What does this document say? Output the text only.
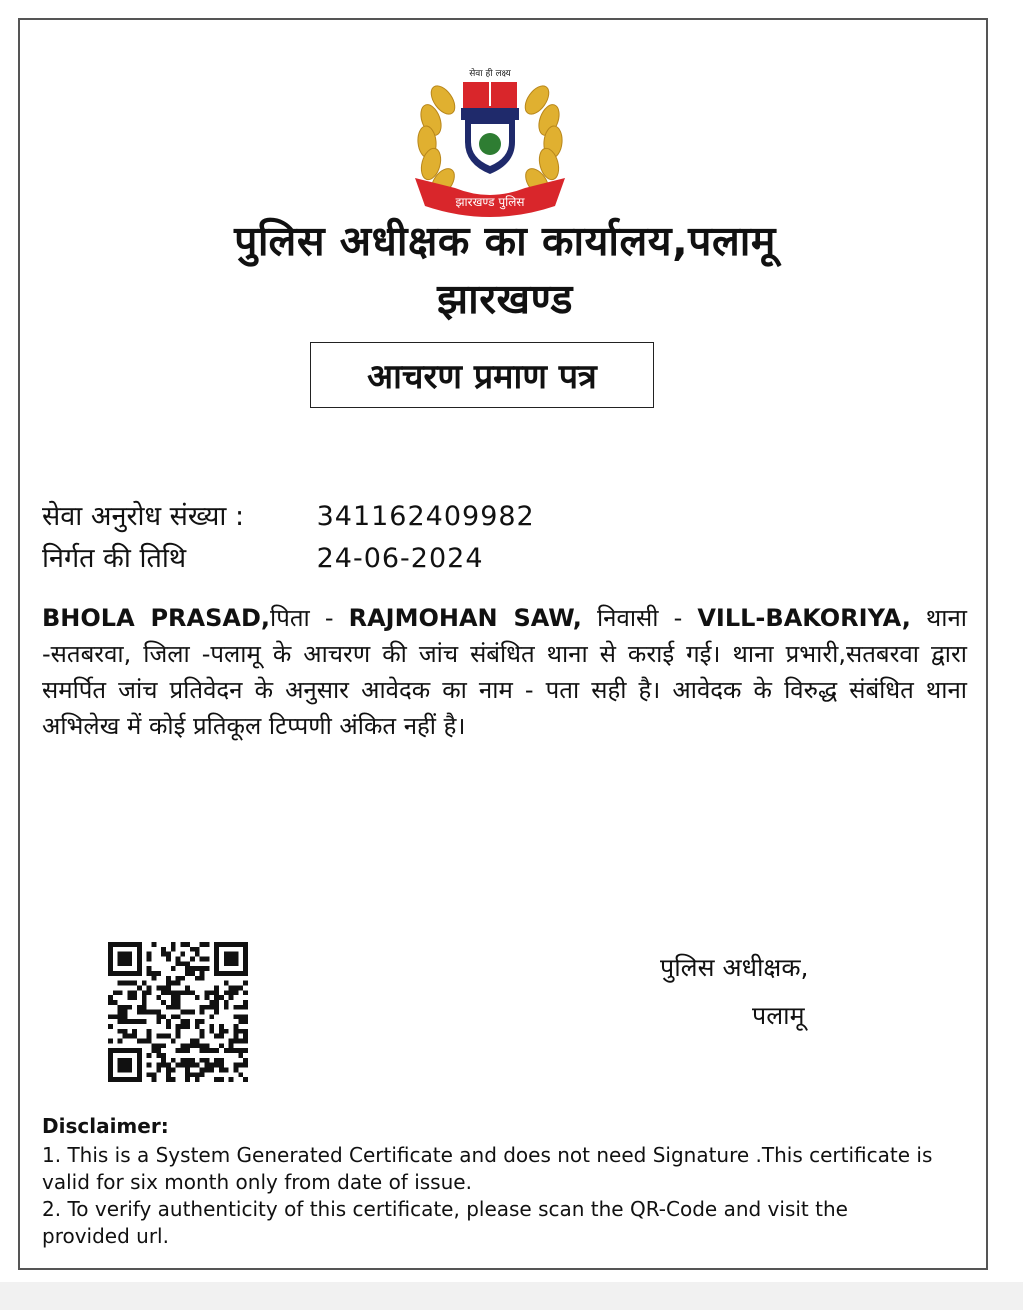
सेवा ही लक्ष्य
झारखण्ड पुलिस
पुलिस अधीक्षक का कार्यालय,पलामू
झारखण्ड
आचरण प्रमाण पत्र
सेवा अनुरोध संख्या :	341162409982
निर्गत की तिथि	24-06-2024
BHOLA PRASAD,पिता - RAJMOHAN SAW, निवासी - VILL-BAKORIYA, थाना -सतबरवा, जिला -पलामू के आचरण की जांच संबंधित थाना से कराई गई। थाना प्रभारी,सतबरवा द्वारा समर्पित जांच प्रतिवेदन के अनुसार आवेदक का नाम - पता सही है। आवेदक के विरुद्ध संबंधित थाना अभिलेख में कोई प्रतिकूल टिप्पणी अंकित नहीं है।
पुलिस अधीक्षक,
पलामू
Disclaimer:
1. This is a System Generated Certificate and does not need Signature .This certificate is valid for six month only from date of issue.
2. To verify authenticity of this certificate, please scan the QR-Code and visit the provided url.
